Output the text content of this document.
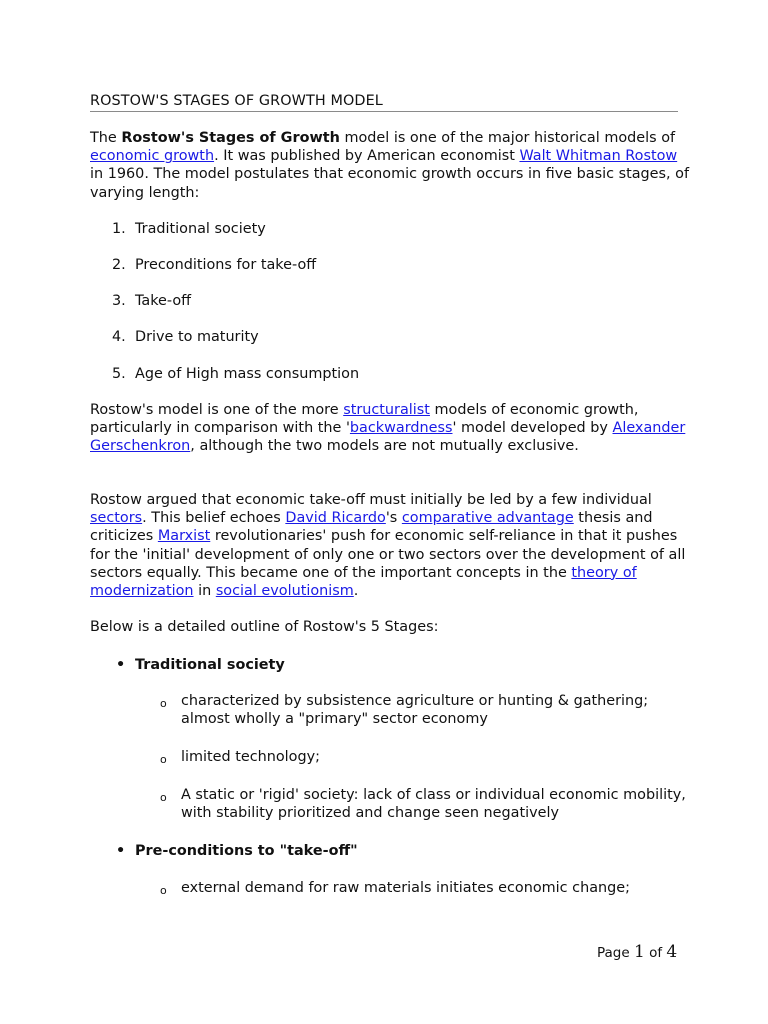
ROSTOW'S STAGES OF GROWTH MODEL

The Rostow's Stages of Growth model is one of the major historical models of economic growth. It was published by American economist Walt Whitman Rostow in 1960. The model postulates that economic growth occurs in five basic stages, of varying length:

1. Traditional society
2. Preconditions for take-off
3. Take-off
4. Drive to maturity
5. Age of High mass consumption

Rostow's model is one of the more structuralist models of economic growth, particularly in comparison with the 'backwardness' model developed by Alexander Gerschenkron, although the two models are not mutually exclusive.

Rostow argued that economic take-off must initially be led by a few individual sectors. This belief echoes David Ricardo's comparative advantage thesis and criticizes Marxist revolutionaries' push for economic self-reliance in that it pushes for the 'initial' development of only one or two sectors over the development of all sectors equally. This became one of the important concepts in the theory of modernization in social evolutionism.

Below is a detailed outline of Rostow's 5 Stages:

• Traditional society
o characterized by subsistence agriculture or hunting & gathering; almost wholly a "primary" sector economy
o limited technology;
o A static or 'rigid' society: lack of class or individual economic mobility, with stability prioritized and change seen negatively
• Pre-conditions to "take-off"
o external demand for raw materials initiates economic change;
Page 1 of 4
